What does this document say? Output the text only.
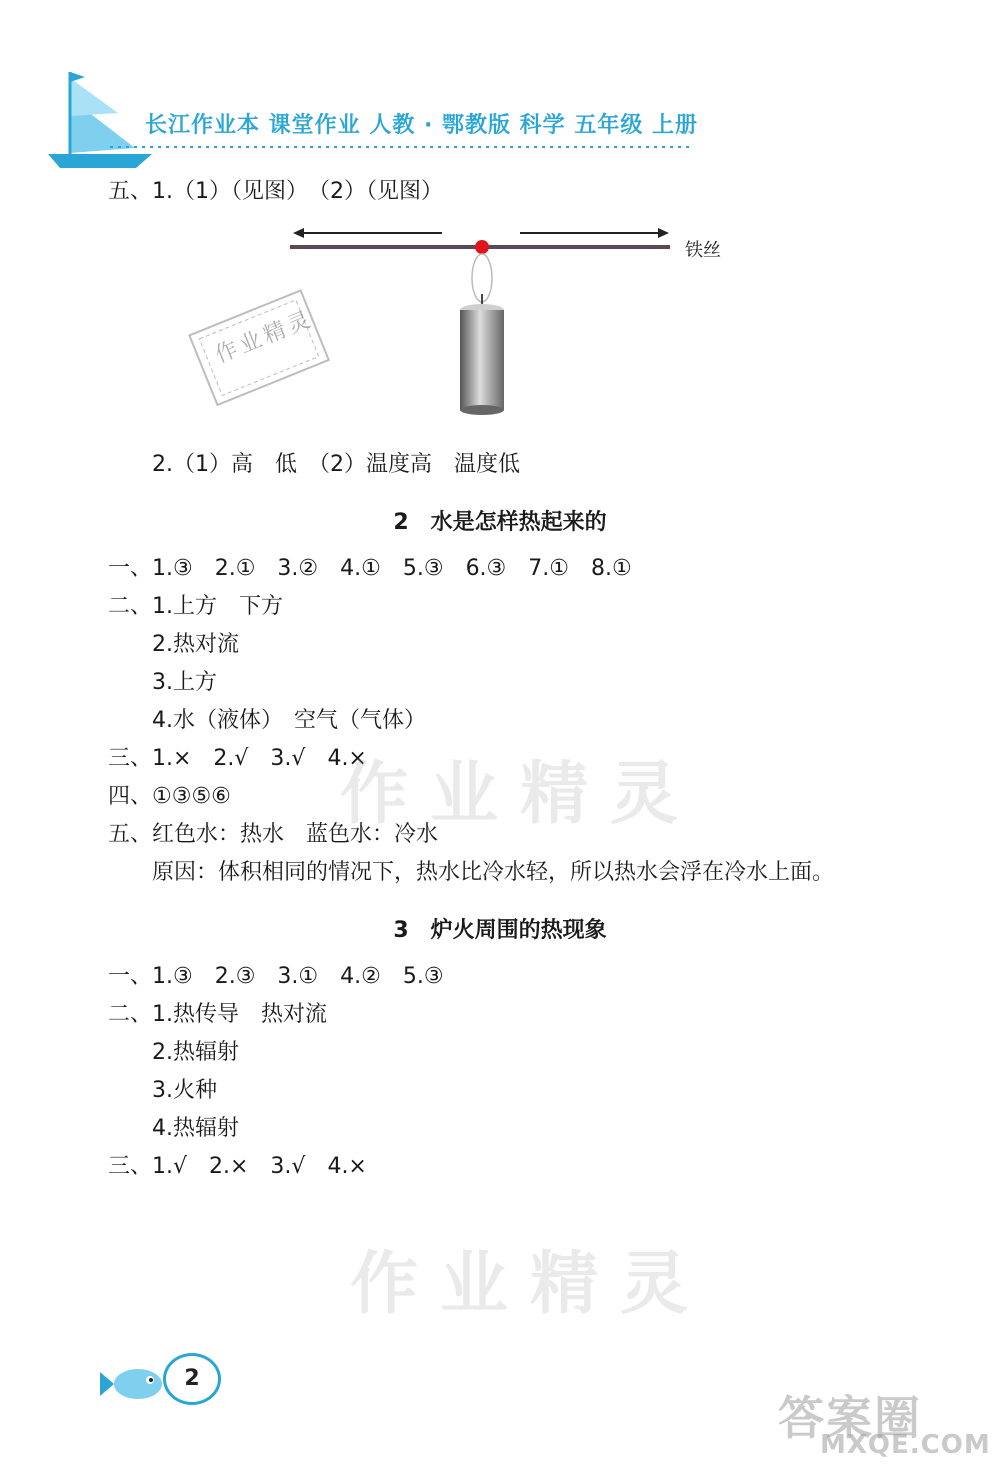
长江作业本 课堂作业 人教 · 鄂教版 科学 五年级 上册
五、1.（1）（见图）　（2）（见图）
铁丝
作业精灵
2.（1）高　低　（2）温度高　温度低
2　水是怎样热起来的
一、1.③　2.①　3.②　4.①　5.③　6.③　7.①　8.①
二、1.上方　下方
2.热对流
3.上方
4.水（液体）　空气（气体）
三、1.×　2.√　3.√　4.×
四、①③⑤⑥
五、红色水：热水　蓝色水：冷水
原因：体积相同的情况下，热水比冷水轻，所以热水会浮在冷水上面。
作业精灵
3　炉火周围的热现象
一、1.③　2.③　3.①　4.②　5.③
二、1.热传导　热对流
2.热辐射
3.火种
4.热辐射
三、1.√　2.×　3.√　4.×
作业精灵
2
答案圈
MXQE.COM
